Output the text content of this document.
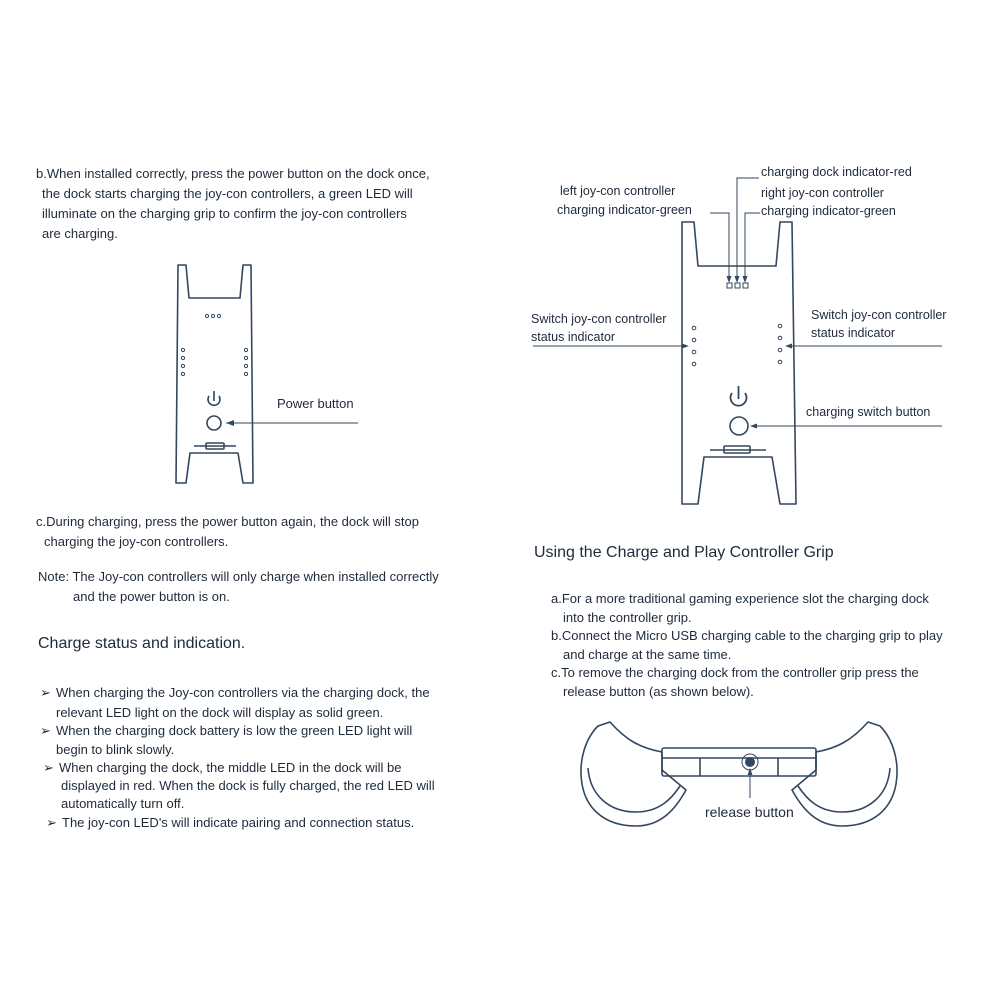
b.When installed correctly, press the power button on the dock once,
the dock starts charging the joy-con controllers, a green LED will
illuminate on the charging grip to confirm the joy-con controllers
are charging.
Power button
c.During charging, press the power button again, the dock will stop
charging the joy-con controllers.
Note: The Joy-con controllers will only charge when installed correctly
and the power button is on.
Charge status and indication.
➢ When charging the Joy-con controllers via the charging dock, the
relevant LED light on the dock will display as solid green.
➢ When the charging dock battery is low the green LED light will
begin to blink slowly.
➢ When charging the dock, the middle LED in the dock will be
displayed in red. When the dock is fully charged, the red LED will
automatically turn off.
➢ The joy-con LED's will indicate pairing and connection status.
charging dock indicator-red
left joy-con controller
charging indicator-green
right joy-con controller
charging indicator-green
Switch joy-con controller
status indicator
Switch joy-con controller
status indicator
charging switch button
Using the Charge and Play Controller Grip
a.For a more traditional gaming experience slot the charging dock
into the controller grip.
b.Connect the Micro USB charging cable to the charging grip to play
and charge at the same time.
c.To remove the charging dock from the controller grip press the
release button (as shown below).
release button
